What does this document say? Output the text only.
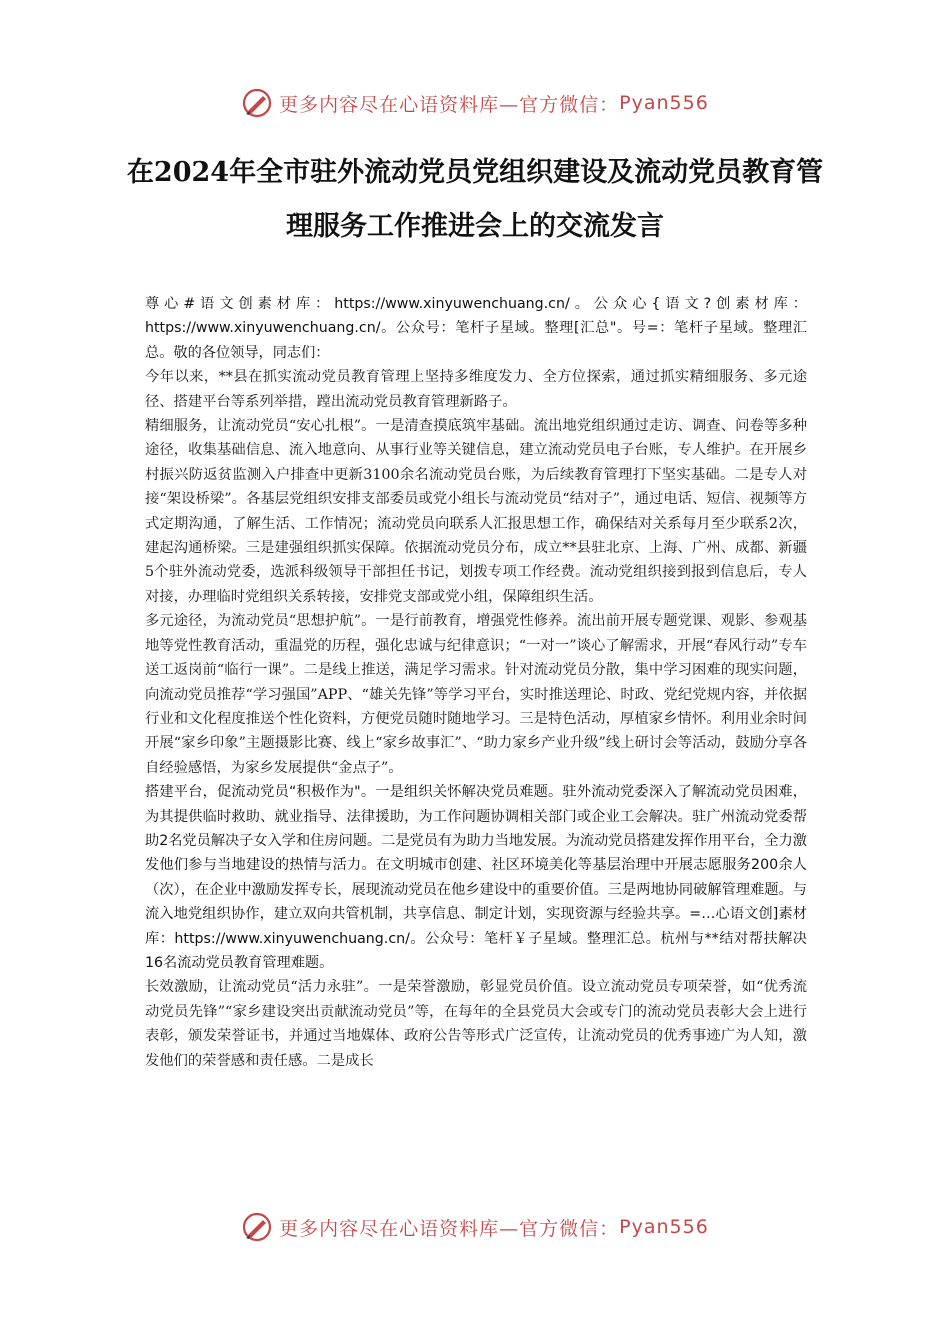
更多内容尽在心语资料库—官方微信： Pyan556
在2024年全市驻外流动党员党组织建设及流动党员教育管理服务工作推进会上的交流发言

尊心#语文创素材库：https://www.xinyuwenchuang.cn/。公众心{语文?创素材库：https://www.xinyuwenchuang.cn/。公众号：笔杆子星域。整理[汇总"。号=：笔杆子星域。整理汇总。敬的各位领导，同志们：

今年以来，**县在抓实流动党员教育管理上坚持多维度发力、全方位探索，通过抓实精细服务、多元途径、搭建平台等系列举措，蹚出流动党员教育管理新路子。

精细服务，让流动党员“安心扎根”。一是清查摸底筑牢基础。流出地党组织通过走访、调查、问卷等多种途径，收集基础信息、流入地意向、从事行业等关键信息，建立流动党员电子台账，专人维护。在开展乡村振兴防返贫监测入户排查中更新3100余名流动党员台账，为后续教育管理打下坚实基础。二是专人对接“架设桥梁”。各基层党组织安排支部委员或党小组长与流动党员“结对子”，通过电话、短信、视频等方式定期沟通，了解生活、工作情况；流动党员向联系人汇报思想工作，确保结对关系每月至少联系2次，建起沟通桥梁。三是建强组织抓实保障。依据流动党员分布，成立**县驻北京、上海、广州、成都、新疆5个驻外流动党委，选派科级领导干部担任书记，划拨专项工作经费。流动党组织接到报到信息后，专人对接，办理临时党组织关系转接，安排党支部或党小组，保障组织生活。

多元途径，为流动党员“思想护航”。一是行前教育，增强党性修养。流出前开展专题党课、观影、参观基地等党性教育活动，重温党的历程，强化忠诚与纪律意识；“一对一”谈心了解需求，开展“春风行动”专车送工返岗前“临行一课”。二是线上推送，满足学习需求。针对流动党员分散，集中学习困难的现实问题，向流动党员推荐“学习强国”APP、“雄关先锋”等学习平台，实时推送理论、时政、党纪党规内容，并依据行业和文化程度推送个性化资料，方便党员随时随地学习。三是特色活动，厚植家乡情怀。利用业余时间开展“家乡印象”主题摄影比赛、线上“家乡故事汇”、“助力家乡产业升级”线上研讨会等活动，鼓励分享各自经验感悟，为家乡发展提供“金点子”。

搭建平台，促流动党员“积极作为"。一是组织关怀解决党员难题。驻外流动党委深入了解流动党员困难，为其提供临时救助、就业指导、法律援助，为工作问题协调相关部门或企业工会解决。驻广州流动党委帮助2名党员解决子女入学和住房问题。二是党员有为助力当地发展。为流动党员搭建发挥作用平台，全力激发他们参与当地建设的热情与活力。在文明城市创建、社区环境美化等基层治理中开展志愿服务200余人（次），在企业中激励发挥专长，展现流动党员在他乡建设中的重要价值。三是两地协同破解管理难题。与流入地党组织协作，建立双向共管机制，共享信息、制定计划，实现资源与经验共享。=…心语文创]素材库：https://www.xinyuwenchuang.cn/。公众号：笔杆￥子星域。整理汇总。杭州与**结对帮扶解决16名流动党员教育管理难题。

长效激励，让流动党员“活力永驻”。一是荣誉激励，彰显党员价值。设立流动党员专项荣誉，如“优秀流动党员先锋”“家乡建设突出贡献流动党员”等，在每年的全县党员大会或专门的流动党员表彰大会上进行表彰，颁发荣誉证书，并通过当地媒体、政府公告等形式广泛宣传，让流动党员的优秀事迹广为人知，激发他们的荣誉感和责任感。二是成长

更多内容尽在心语资料库—官方微信： Pyan556
